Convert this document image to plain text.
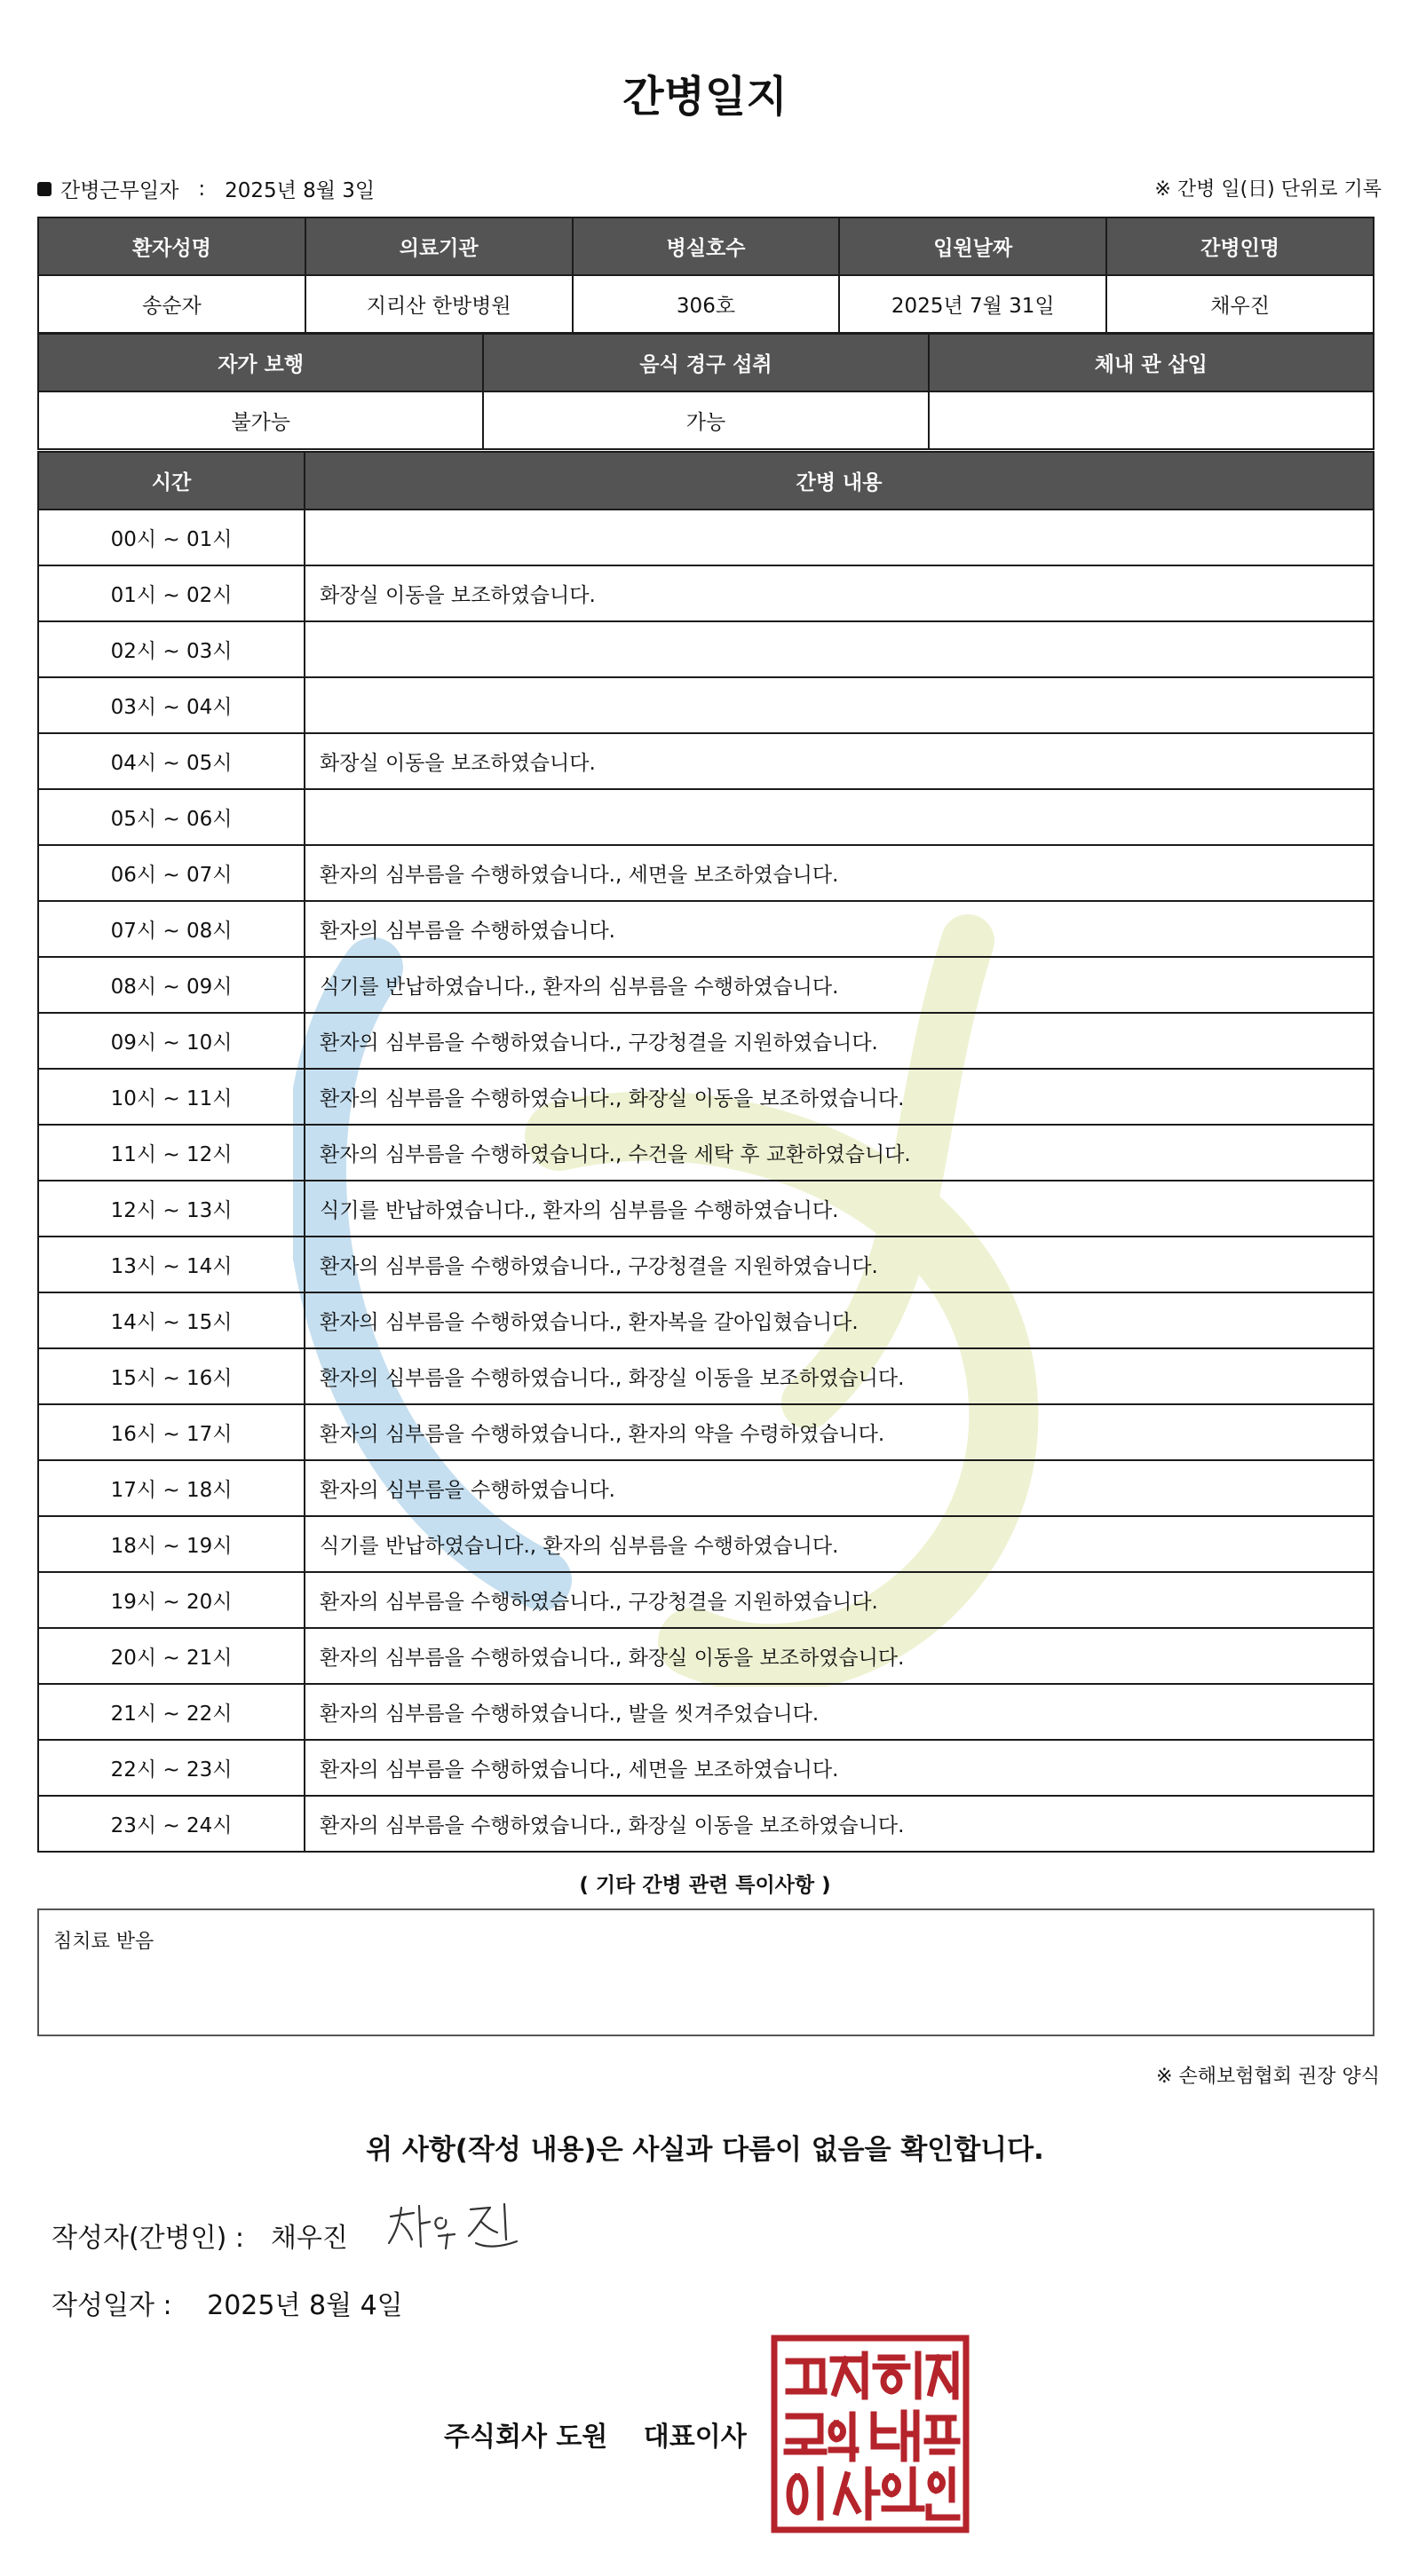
간병일지
간병근무일자 : 2025년 8월 3일	※ 간병 일(日) 단위로 기록
환자성명	의료기관	병실호수	입원날짜	간병인명
송순자	지리산 한방병원	306호	2025년 7월 31일	채우진
자가 보행	음식 경구 섭취	체내 관 삽입
불가능	가능	
시간	간병 내용
00시 ~ 01시	
01시 ~ 02시	화장실 이동을 보조하였습니다.
02시 ~ 03시	
03시 ~ 04시	
04시 ~ 05시	화장실 이동을 보조하였습니다.
05시 ~ 06시	
06시 ~ 07시	환자의 심부름을 수행하였습니다., 세면을 보조하였습니다.
07시 ~ 08시	환자의 심부름을 수행하였습니다.
08시 ~ 09시	식기를 반납하였습니다., 환자의 심부름을 수행하였습니다.
09시 ~ 10시	환자의 심부름을 수행하였습니다., 구강청결을 지원하였습니다.
10시 ~ 11시	환자의 심부름을 수행하였습니다., 화장실 이동을 보조하였습니다.
11시 ~ 12시	환자의 심부름을 수행하였습니다., 수건을 세탁 후 교환하였습니다.
12시 ~ 13시	식기를 반납하였습니다., 환자의 심부름을 수행하였습니다.
13시 ~ 14시	환자의 심부름을 수행하였습니다., 구강청결을 지원하였습니다.
14시 ~ 15시	환자의 심부름을 수행하였습니다., 환자복을 갈아입혔습니다.
15시 ~ 16시	환자의 심부름을 수행하였습니다., 화장실 이동을 보조하였습니다.
16시 ~ 17시	환자의 심부름을 수행하였습니다., 환자의 약을 수령하였습니다.
17시 ~ 18시	환자의 심부름을 수행하였습니다.
18시 ~ 19시	식기를 반납하였습니다., 환자의 심부름을 수행하였습니다.
19시 ~ 20시	환자의 심부름을 수행하였습니다., 구강청결을 지원하였습니다.
20시 ~ 21시	환자의 심부름을 수행하였습니다., 화장실 이동을 보조하였습니다.
21시 ~ 22시	환자의 심부름을 수행하였습니다., 발을 씻겨주었습니다.
22시 ~ 23시	환자의 심부름을 수행하였습니다., 세면을 보조하였습니다.
23시 ~ 24시	환자의 심부름을 수행하였습니다., 화장실 이동을 보조하였습니다.
( 기타 간병 관련 특이사항 )
침치료 받음
※ 손해보험협회 권장 양식
위 사항(작성 내용)은 사실과 다름이 없음을 확인합니다.
작성자(간병인) : 채우진
작성일자 : 2025년 8월 4일
주식회사 도원 대표이사
